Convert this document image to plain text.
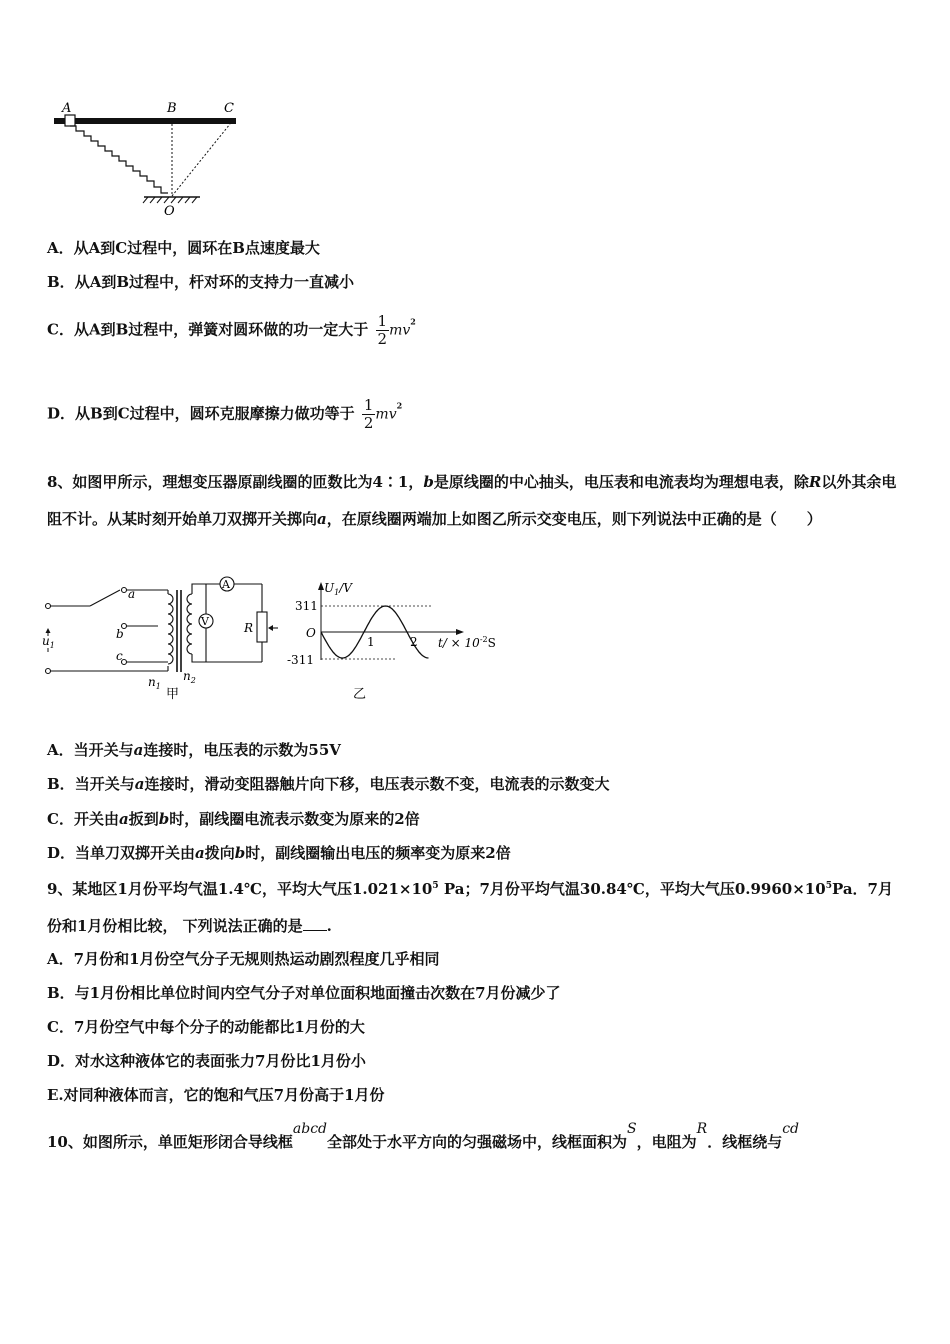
A	B	C
O
A．从A到C过程中，圆环在B点速度最大
B．从A到B过程中，杆对环的支持力一直减小
C．从A到B过程中，弹簧对圆环做的功一定大于 $\frac{1}{2} mv^2$
D．从B到C过程中，圆环克服摩擦力做功等于 $\frac{1}{2} mv^2$
8、如图甲所示，理想变压器原副线圈的匝数比为4∶1，b是原线圈的中心抽头，电压表和电流表均为理想电表，除R以外其余电阻不计。从某时刻开始单刀双掷开关掷向a，在原线圈两端加上如图乙所示交变电压，则下列说法中正确的是（　　）
$u_1$
a
b
c
$n_1$
$n_2$
A
V	R
甲
$U_1/V$
311
O
-311
1	2 $t/ \times 10^{-2}S$
乙
A．当开关与a连接时，电压表的示数为55V
B．当开关与a连接时，滑动变阻器触片向下移，电压表示数不变，电流表的示数变大
C．开关由a扳到b时，副线圈电流表示数变为原来的2倍
D．当单刀双掷开关由a拨向b时，副线圈输出电压的频率变为原来2倍
9、某地区1月份平均气温1.4℃，平均大气压$1.021\times 10^5$ Pa；7月份平均气温30.84℃，平均大气压$0.9960\times 10^5Pa$．7月份和1月份相比较， 下列说法正确的是 .
A．7月份和1月份空气分子无规则热运动剧烈程度几乎相同
B．与1月份相比单位时间内空气分子对单位面积地面撞击次数在7月份减少了
C．7月份空气中每个分子的动能都比1月份的大
D．对水这种液体它的表面张力7月份比1月份小
E.对同种液体而言，它的饱和气压7月份高于1月份
10、如图所示，单匝矩形闭合导线框abcd全部处于水平方向的匀强磁场中，线框面积为S，电阻为R．线框绕与cd
